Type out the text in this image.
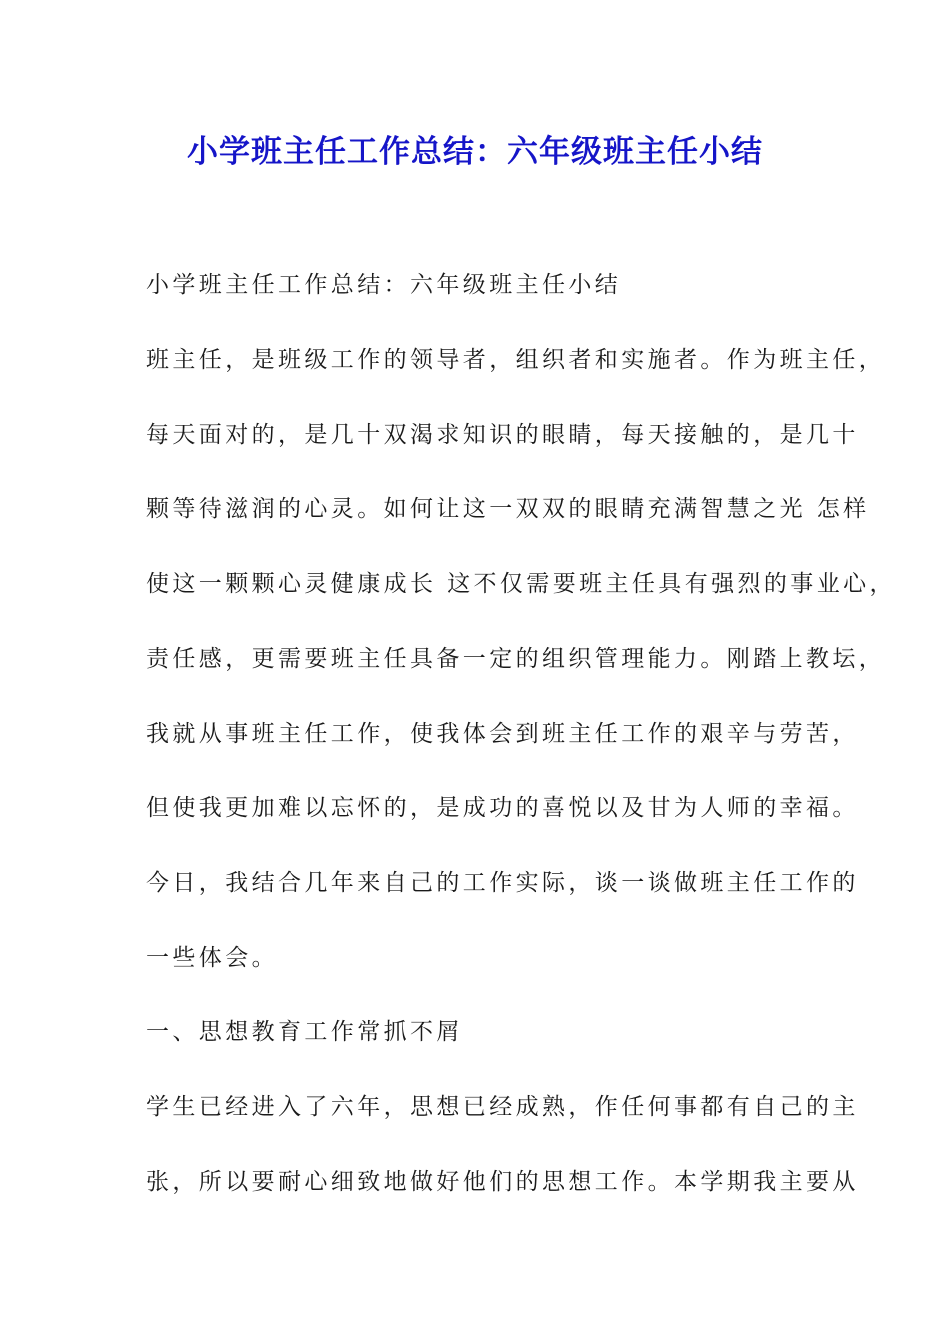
小学班主任工作总结：六年级班主任小结

小学班主任工作总结：六年级班主任小结

班主任，是班级工作的领导者，组织者和实施者。作为班主任，

每天面对的，是几十双渴求知识的眼睛，每天接触的，是几十

颗等待滋润的心灵。如何让这一双双的眼睛充满智慧之光 怎样

使这一颗颗心灵健康成长 这不仅需要班主任具有强烈的事业心，

责任感，更需要班主任具备一定的组织管理能力。刚踏上教坛，

我就从事班主任工作，使我体会到班主任工作的艰辛与劳苦，

但使我更加难以忘怀的，是成功的喜悦以及甘为人师的幸福。

今日，我结合几年来自己的工作实际，谈一谈做班主任工作的

一些体会。

一、思想教育工作常抓不屑

学生已经进入了六年，思想已经成熟，作任何事都有自己的主

张，所以要耐心细致地做好他们的思想工作。本学期我主要从
